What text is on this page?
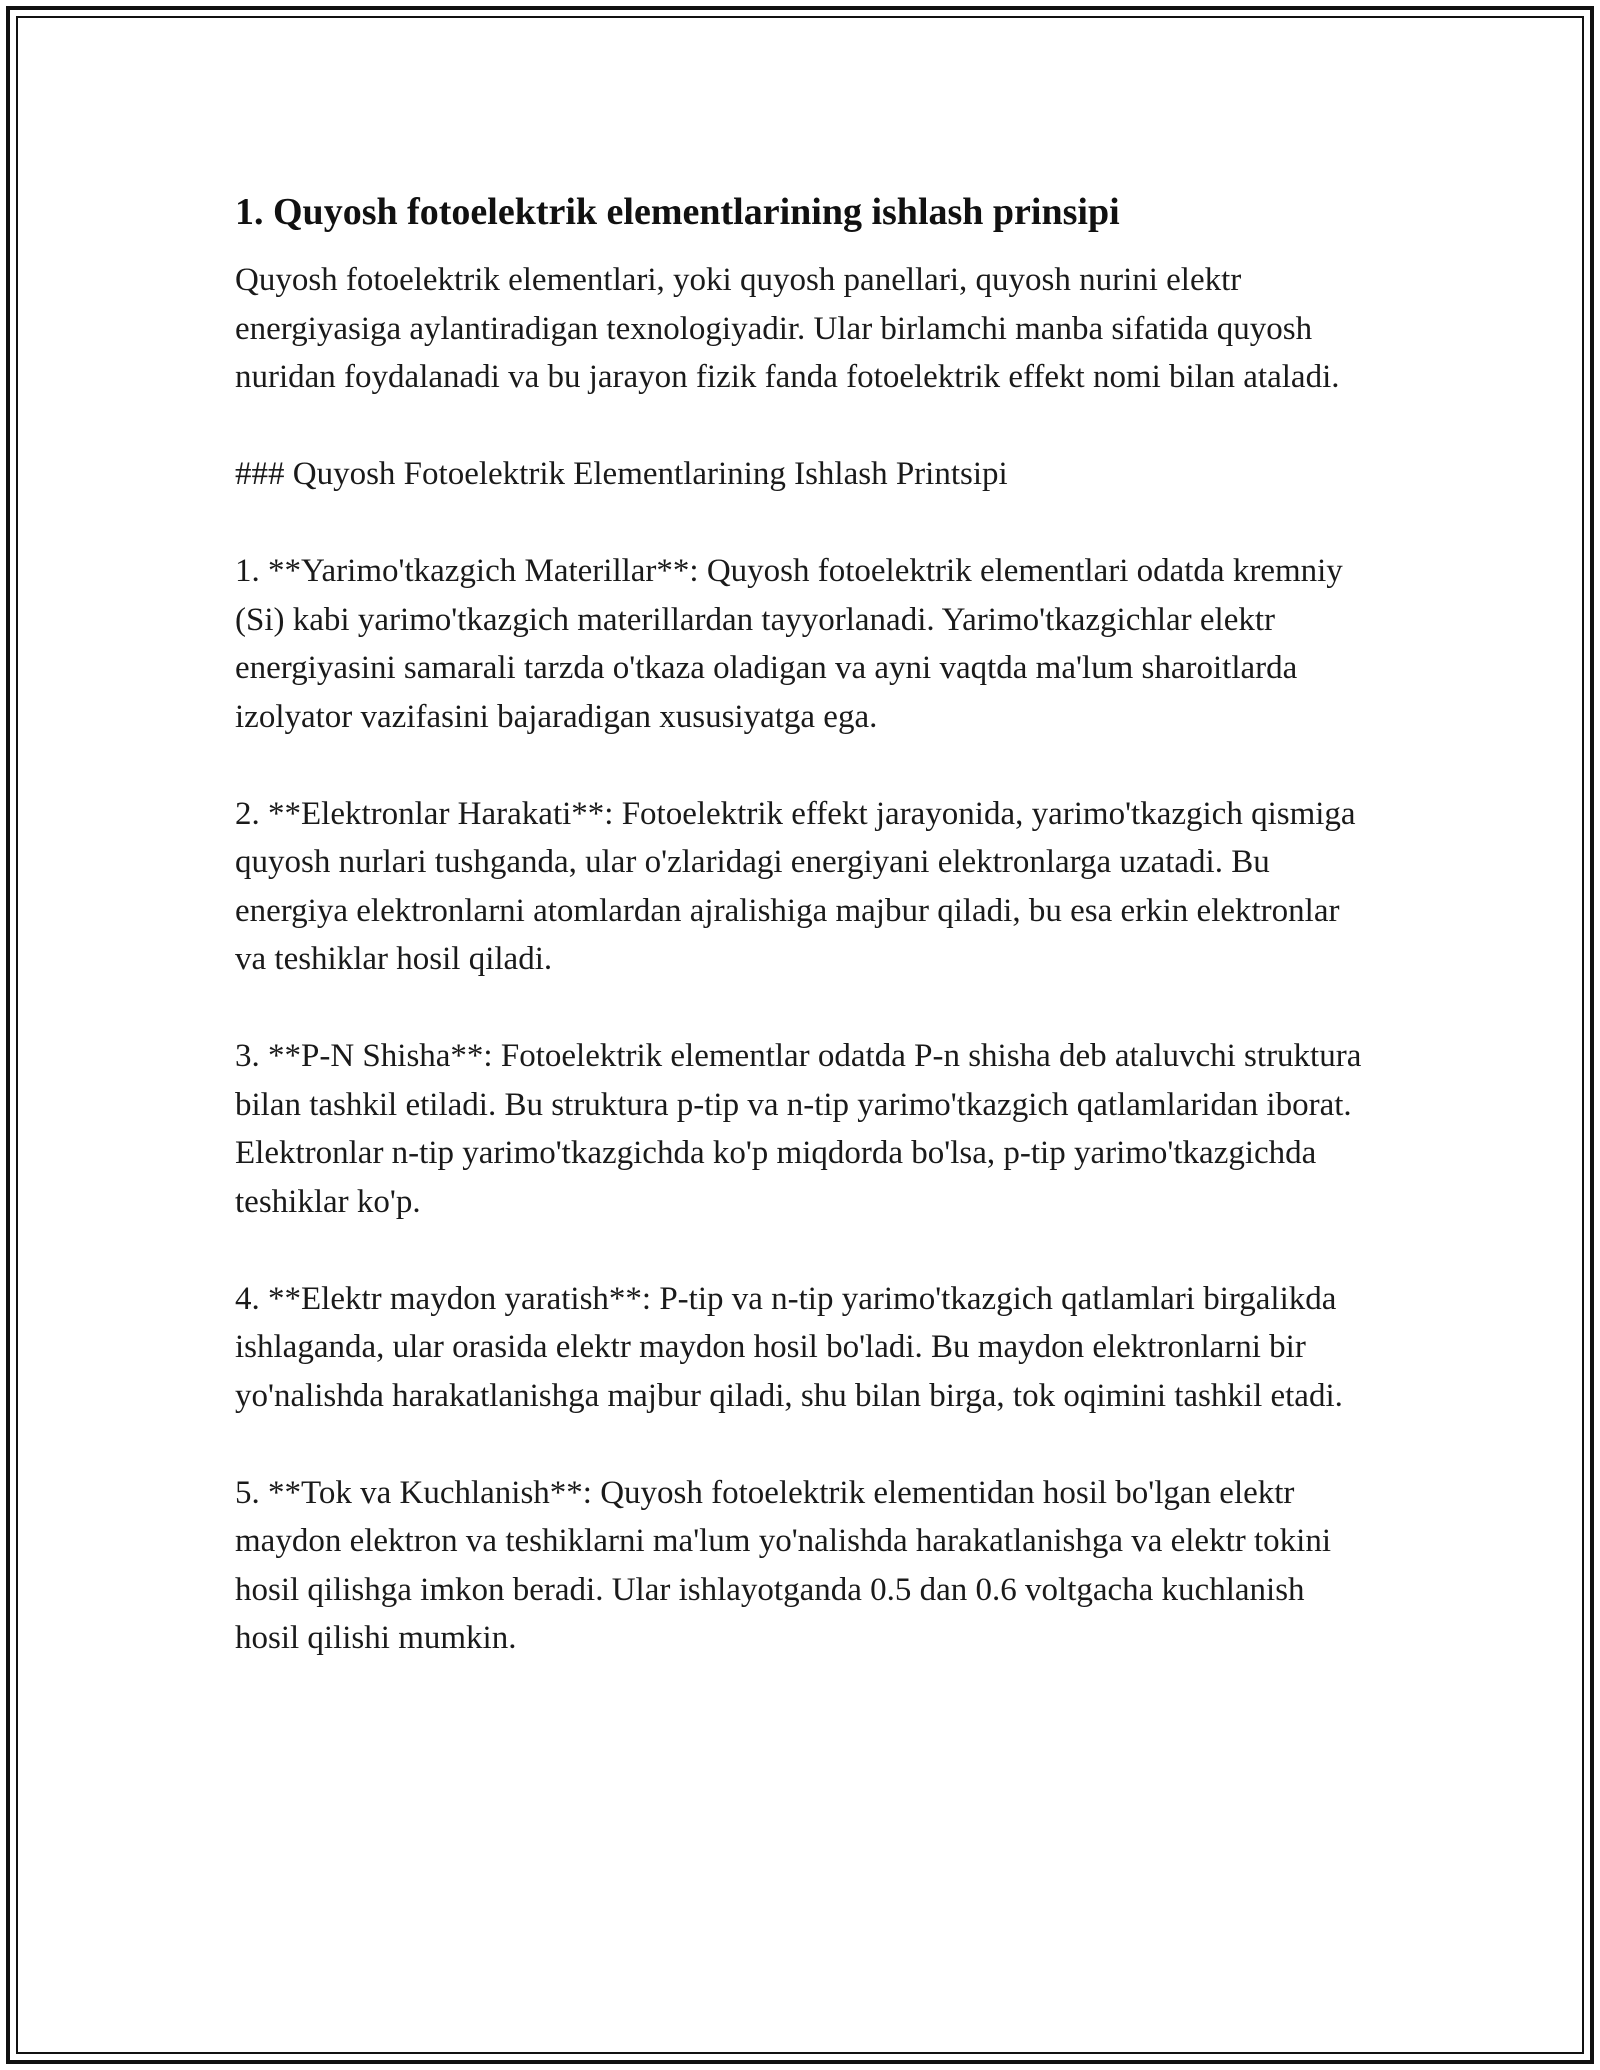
1. Quyosh fotoelektrik elementlarining ishlash prinsipi

Quyosh fotoelektrik elementlari, yoki quyosh panellari, quyosh nurini elektr energiyasiga aylantiradigan texnologiyadir. Ular birlamchi manba sifatida quyosh nuridan foydalanadi va bu jarayon fizik fanda fotoelektrik effekt nomi bilan ataladi.

### Quyosh Fotoelektrik Elementlarining Ishlash Printsipi

1. **Yarimo'tkazgich Materillar**: Quyosh fotoelektrik elementlari odatda kremniy (Si) kabi yarimo'tkazgich materillardan tayyorlanadi. Yarimo'tkazgichlar elektr energiyasini samarali tarzda o'tkaza oladigan va ayni vaqtda ma'lum sharoitlarda izolyator vazifasini bajaradigan xususiyatga ega.

2. **Elektronlar Harakati**: Fotoelektrik effekt jarayonida, yarimo'tkazgich qismiga quyosh nurlari tushganda, ular o'zlaridagi energiyani elektronlarga uzatadi. Bu energiya elektronlarni atomlardan ajralishiga majbur qiladi, bu esa erkin elektronlar va teshiklar hosil qiladi.

3. **P-N Shisha**: Fotoelektrik elementlar odatda P-n shisha deb ataluvchi struktura bilan tashkil etiladi. Bu struktura p-tip va n-tip yarimo'tkazgich qatlamlaridan iborat. Elektronlar n-tip yarimo'tkazgichda ko'p miqdorda bo'lsa, p-tip yarimo'tkazgichda teshiklar ko'p.

4. **Elektr maydon yaratish**: P-tip va n-tip yarimo'tkazgich qatlamlari birgalikda ishlaganda, ular orasida elektr maydon hosil bo'ladi. Bu maydon elektronlarni bir yo'nalishda harakatlanishga majbur qiladi, shu bilan birga, tok oqimini tashkil etadi.

5. **Tok va Kuchlanish**: Quyosh fotoelektrik elementidan hosil bo'lgan elektr maydon elektron va teshiklarni ma'lum yo'nalishda harakatlanishga va elektr tokini hosil qilishga imkon beradi. Ular ishlayotganda 0.5 dan 0.6 voltgacha kuchlanish hosil qilishi mumkin.
